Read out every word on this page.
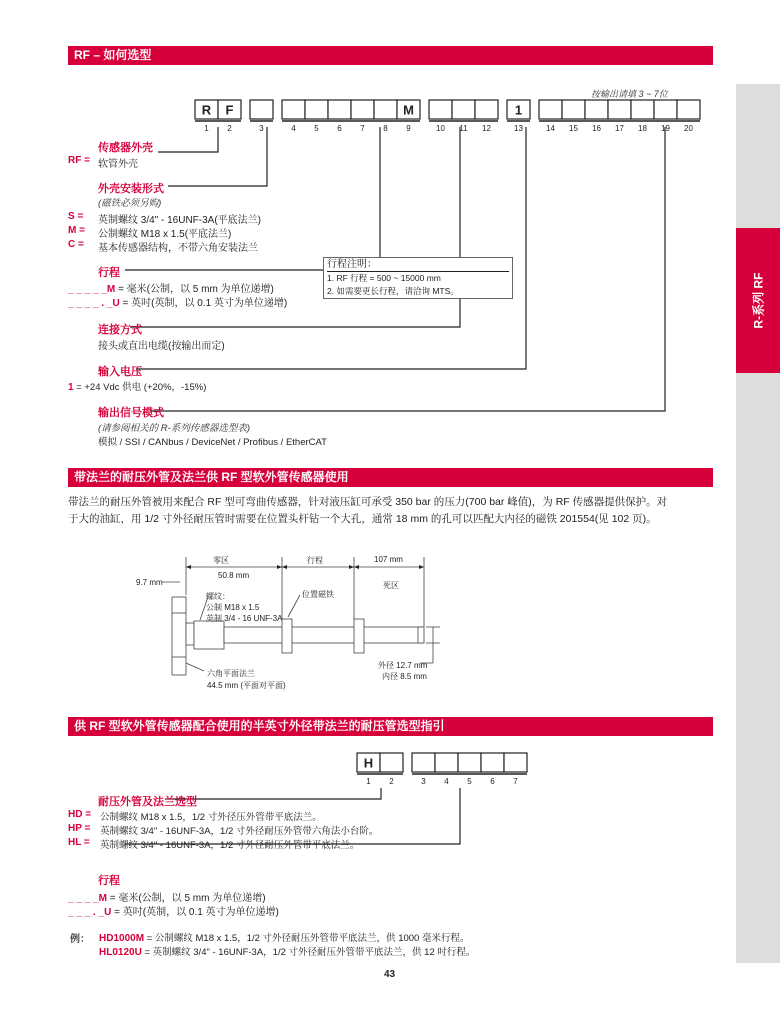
R-系列 RF
RF – 如何选型
按输出请填 3 ~ 7位
R
1
F
2	3	4 5 6 7 8
M
9	10 11 12
1
13	14 15 16 17 18 19 20
传感器外壳
RF = 软管外壳
外壳安装形式
(磁铁必须另购)
S = 英制螺纹 3/4" - 16UNF-3A(平底法兰)
M = 公制螺纹 M18 x 1.5(平底法兰)
C = 基本传感器结构，不带六角安装法兰
行程
_ _ _ _ _M = 毫米(公制，以 5 mm 为单位递增)
_ _ _ _ . _U = 英吋(英制，以 0.1 英寸为单位递增)
行程注明：
1. RF 行程 = 500 ~ 15000 mm
2. 如需要更长行程，请洽询 MTS。
连接方式
接头或直出电缆(按输出而定)
输入电压
1 = +24 Vdc 供电 (+20%，-15%)
输出信号模式
(请参阅相关的 R-系列传感器选型表)
模拟 / SSI / CANbus / DeviceNet / Profibus / EtherCAT
带法兰的耐压外管及法兰供 RF 型软外管传感器使用
带法兰的耐压外管被用来配合 RF 型可弯曲传感器，针对液压缸可承受 350 bar 的压力(700 bar 峰值)，为 RF 传感器提供保护。对
于大的油缸，用 1/2 寸外径耐压管时需要在位置头杆钻一个大孔，通常 18 mm 的孔可以匹配大内径的磁铁 201554(见 102 页)。
零区
50.8 mm
行程	107 mm
死区
9.7 mm
螺纹：
公制 M18 x 1.5
英制 3/4 - 16 UNF-3A
位置磁铁
六角平面法兰
44.5 mm (平面对平面)
外径 12.7 mm
内径 8.5 mm
供 RF 型软外管传感器配合使用的半英寸外径带法兰的耐压管选型指引
H
1 2	3 4 5 6 7
耐压外管及法兰选型
HD = 公制螺纹 M18 x 1.5，1/2 寸外径压外管带平底法兰。
HP = 英制螺纹 3/4" - 16UNF-3A，1/2 寸外径耐压外管带六角法小台阶。
HL = 英制螺纹 3/4" - 16UNF-3A，1/2 寸外径耐压外管带平底法兰。
行程
_ _ _ _M = 毫米(公制，以 5 mm 为单位递增)
_ _ _ . _U = 英吋(英制，以 0.1 英寸为单位递增)
例： HD1000M = 公制螺纹 M18 x 1.5，1/2 寸外径耐压外管带平底法兰，供 1000 毫米行程。
HL0120U = 英制螺纹 3/4" - 16UNF-3A，1/2 寸外径耐压外管带平底法兰，供 12 吋行程。
43
